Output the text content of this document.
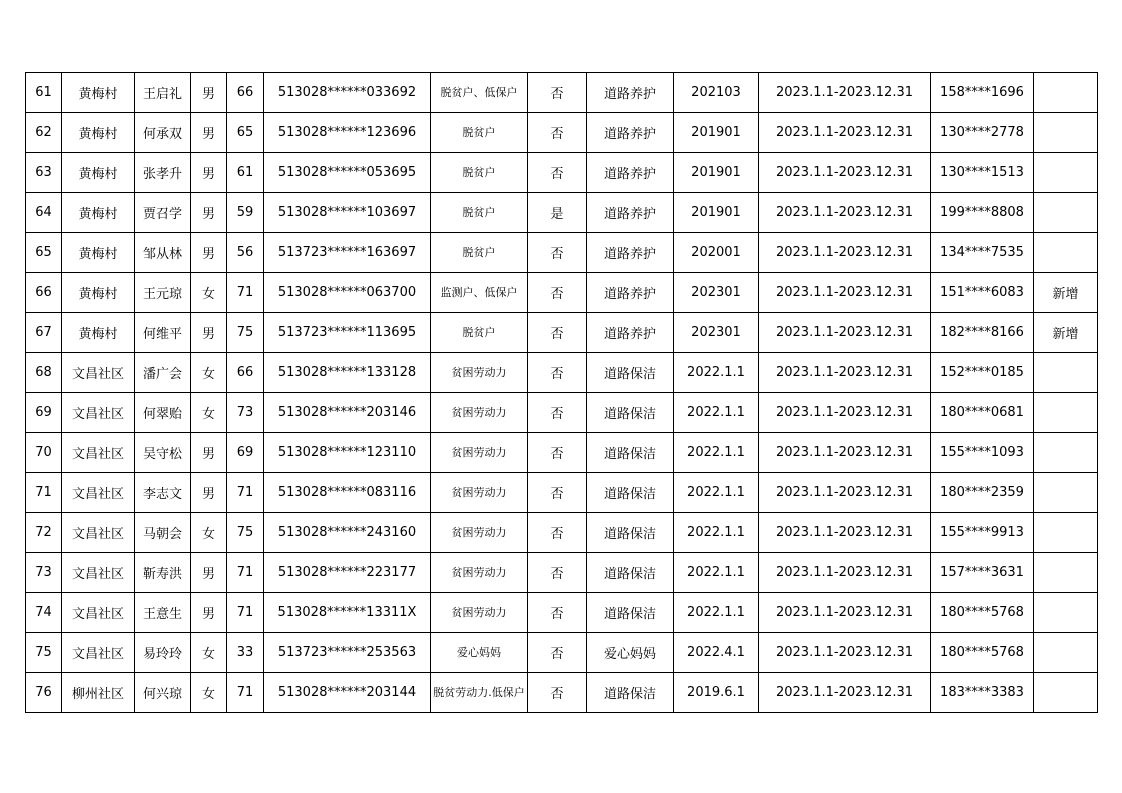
61	黄梅村	王启礼	男	66	513028******033692	脱贫户、低保户	否	道路养护	202103	2023.1.1-2023.12.31	158****1696	
62	黄梅村	何承双	男	65	513028******123696	脱贫户	否	道路养护	201901	2023.1.1-2023.12.31	130****2778	
63	黄梅村	张孝升	男	61	513028******053695	脱贫户	否	道路养护	201901	2023.1.1-2023.12.31	130****1513	
64	黄梅村	贾召学	男	59	513028******103697	脱贫户	是	道路养护	201901	2023.1.1-2023.12.31	199****8808	
65	黄梅村	邹从林	男	56	513723******163697	脱贫户	否	道路养护	202001	2023.1.1-2023.12.31	134****7535	
66	黄梅村	王元琼	女	71	513028******063700	监测户、低保户	否	道路养护	202301	2023.1.1-2023.12.31	151****6083	新增
67	黄梅村	何维平	男	75	513723******113695	脱贫户	否	道路养护	202301	2023.1.1-2023.12.31	182****8166	新增
68	文昌社区	潘广会	女	66	513028******133128	贫困劳动力	否	道路保洁	2022.1.1	2023.1.1-2023.12.31	152****0185	
69	文昌社区	何翠贻	女	73	513028******203146	贫困劳动力	否	道路保洁	2022.1.1	2023.1.1-2023.12.31	180****0681	
70	文昌社区	吴守松	男	69	513028******123110	贫困劳动力	否	道路保洁	2022.1.1	2023.1.1-2023.12.31	155****1093	
71	文昌社区	李志文	男	71	513028******083116	贫困劳动力	否	道路保洁	2022.1.1	2023.1.1-2023.12.31	180****2359	
72	文昌社区	马朝会	女	75	513028******243160	贫困劳动力	否	道路保洁	2022.1.1	2023.1.1-2023.12.31	155****9913	
73	文昌社区	靳寿洪	男	71	513028******223177	贫困劳动力	否	道路保洁	2022.1.1	2023.1.1-2023.12.31	157****3631	
74	文昌社区	王意生	男	71	513028******13311X	贫困劳动力	否	道路保洁	2022.1.1	2023.1.1-2023.12.31	180****5768	
75	文昌社区	易玲玲	女	33	513723******253563	爱心妈妈	否	爱心妈妈	2022.4.1	2023.1.1-2023.12.31	180****5768	
76	柳州社区	何兴琼	女	71	513028******203144	脱贫劳动力.低保户	否	道路保洁	2019.6.1	2023.1.1-2023.12.31	183****3383	
